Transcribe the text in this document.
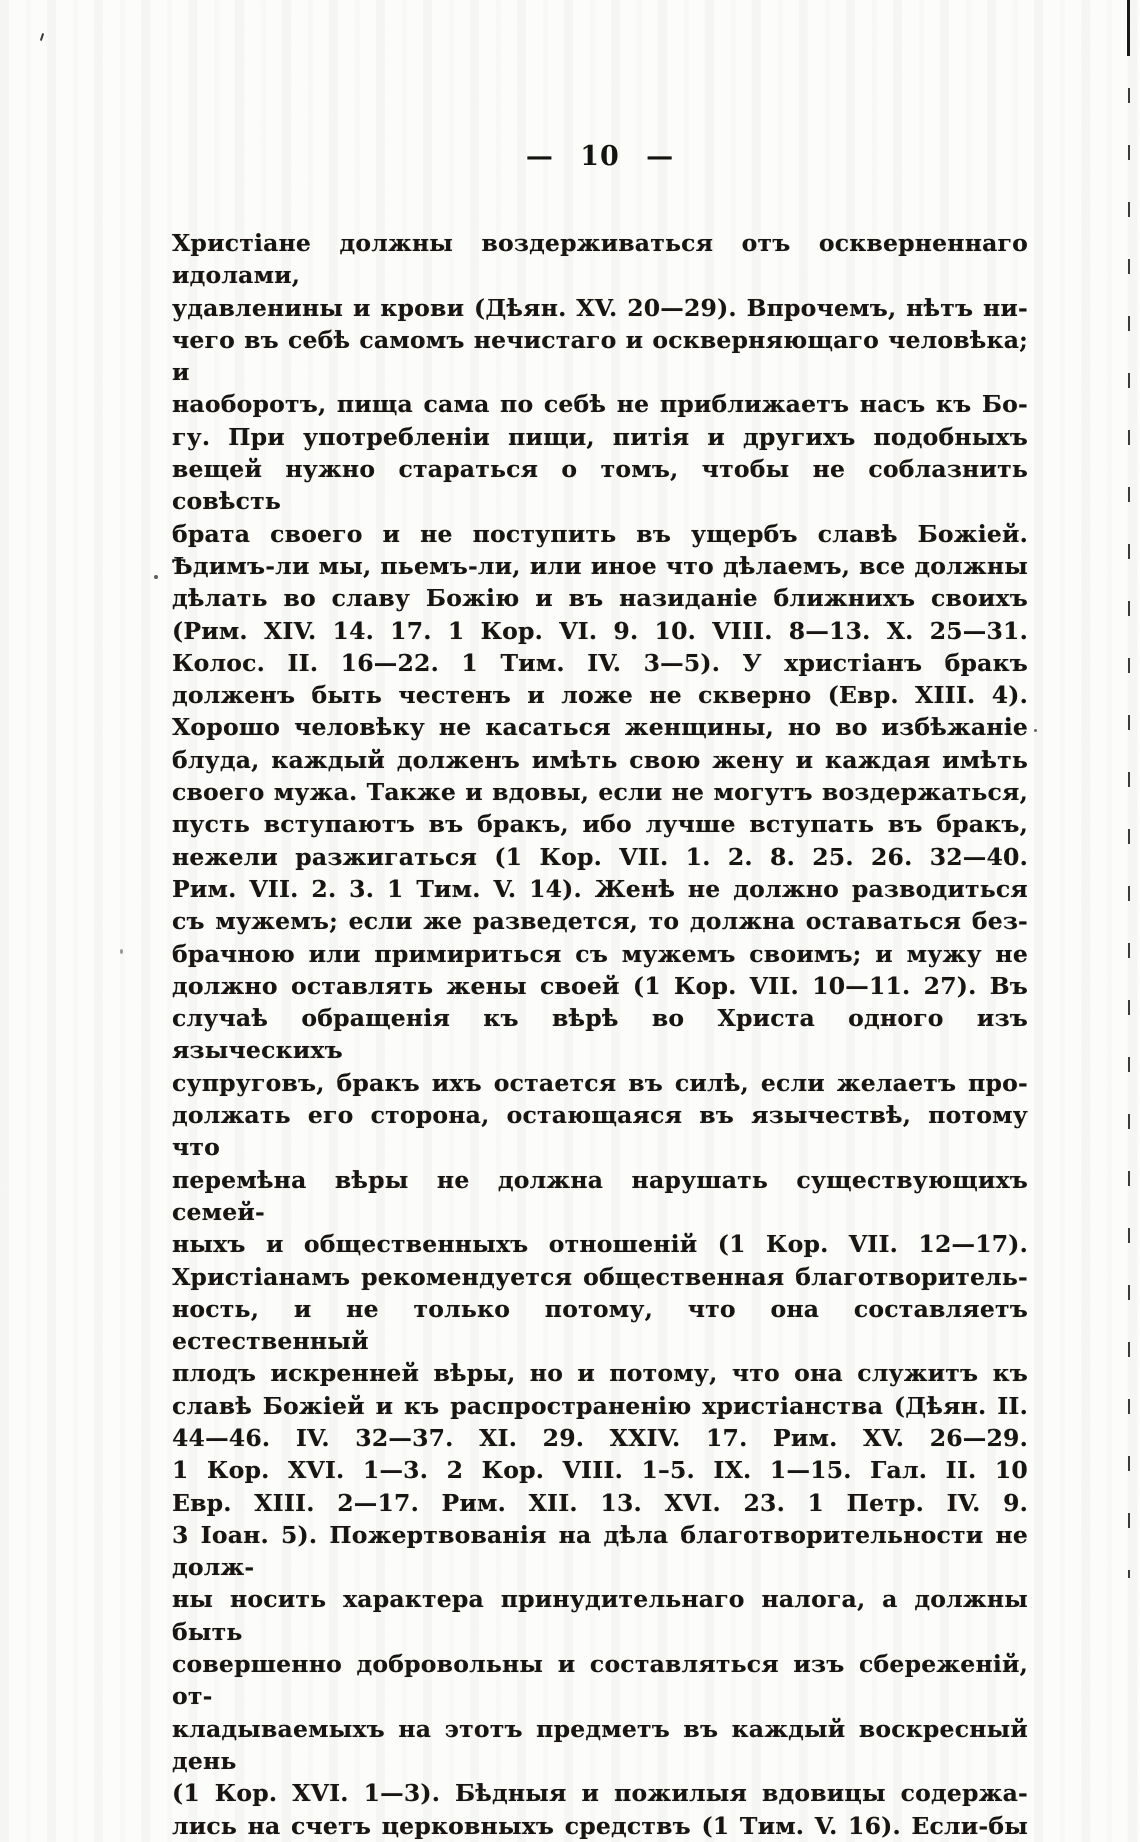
— 10 —
Христіане должны воздерживаться отъ оскверненнаго идолами,
удавленины и крови (Дѣян. XV. 20—29). Впрочемъ, нѣтъ ни-
чего въ себѣ самомъ нечистаго и оскверняющаго человѣка; и
наоборотъ, пища сама по себѣ не приближаетъ насъ къ Бо-
гу. При употребленіи пищи, питія и другихъ подобныхъ
вещей нужно стараться о томъ, чтобы не соблазнить совѣсть
брата своего и не поступить въ ущербъ славѣ Божіей.
Ѣдимъ-ли мы, пьемъ-ли, или иное что дѣлаемъ, все должны
дѣлать во славу Божію и въ назиданіе ближнихъ своихъ
(Рим. XIV. 14. 17. 1 Кор. VI. 9. 10. VIII. 8—13. X. 25—31.
Колос. II. 16—22. 1 Тим. IV. 3—5). У христіанъ бракъ
долженъ быть честенъ и ложе не скверно (Евр. XIII. 4).
Хорошо человѣку не касаться женщины, но во избѣжаніе
блуда, каждый долженъ имѣть свою жену и каждая имѣть
своего мужа. Также и вдовы, если не могутъ воздержаться,
пусть вступаютъ въ бракъ, ибо лучше вступать въ бракъ,
нежели разжигаться (1 Кор. VII. 1. 2. 8. 25. 26. 32—40.
Рим. VII. 2. 3. 1 Тим. V. 14). Женѣ не должно разводиться
съ мужемъ; если же разведется, то должна оставаться без-
брачною или примириться съ мужемъ своимъ; и мужу не
должно оставлять жены своей (1 Кор. VII. 10—11. 27). Въ
случаѣ обращенія къ вѣрѣ во Христа одного изъ языческихъ
супруговъ, бракъ ихъ остается въ силѣ, если желаетъ про-
должать его сторона, остающаяся въ язычествѣ, потому что
перемѣна вѣры не должна нарушать существующихъ семей-
ныхъ и общественныхъ отношеній (1 Кор. VII. 12—17).
Христіанамъ рекомендуется общественная благотворитель-
ность, и не только потому, что она составляетъ естественный
плодъ искренней вѣры, но и потому, что она служитъ къ
славѣ Божіей и къ распространенію христіанства (Дѣян. II.
44—46. IV. 32—37. XI. 29. XXIV. 17. Рим. XV. 26—29.
1 Кор. XVI. 1—3. 2 Кор. VIII. 1–5. IX. 1—15. Гал. II. 10
Евр. XIII. 2—17. Рим. XII. 13. XVI. 23. 1 Петр. IV. 9.
3 Іоан. 5). Пожертвованія на дѣла благотворительности не долж-
ны носить характера принудительнаго налога, а должны быть
совершенно добровольны и составляться изъ сбереженій, от-
кладываемыхъ на этотъ предметъ въ каждый воскресный день
(1 Кор. XVI. 1—3). Бѣдныя и пожилыя вдовицы содержа-
лись на счетъ церковныхъ средствъ (1 Тим. V. 16). Если-бы
